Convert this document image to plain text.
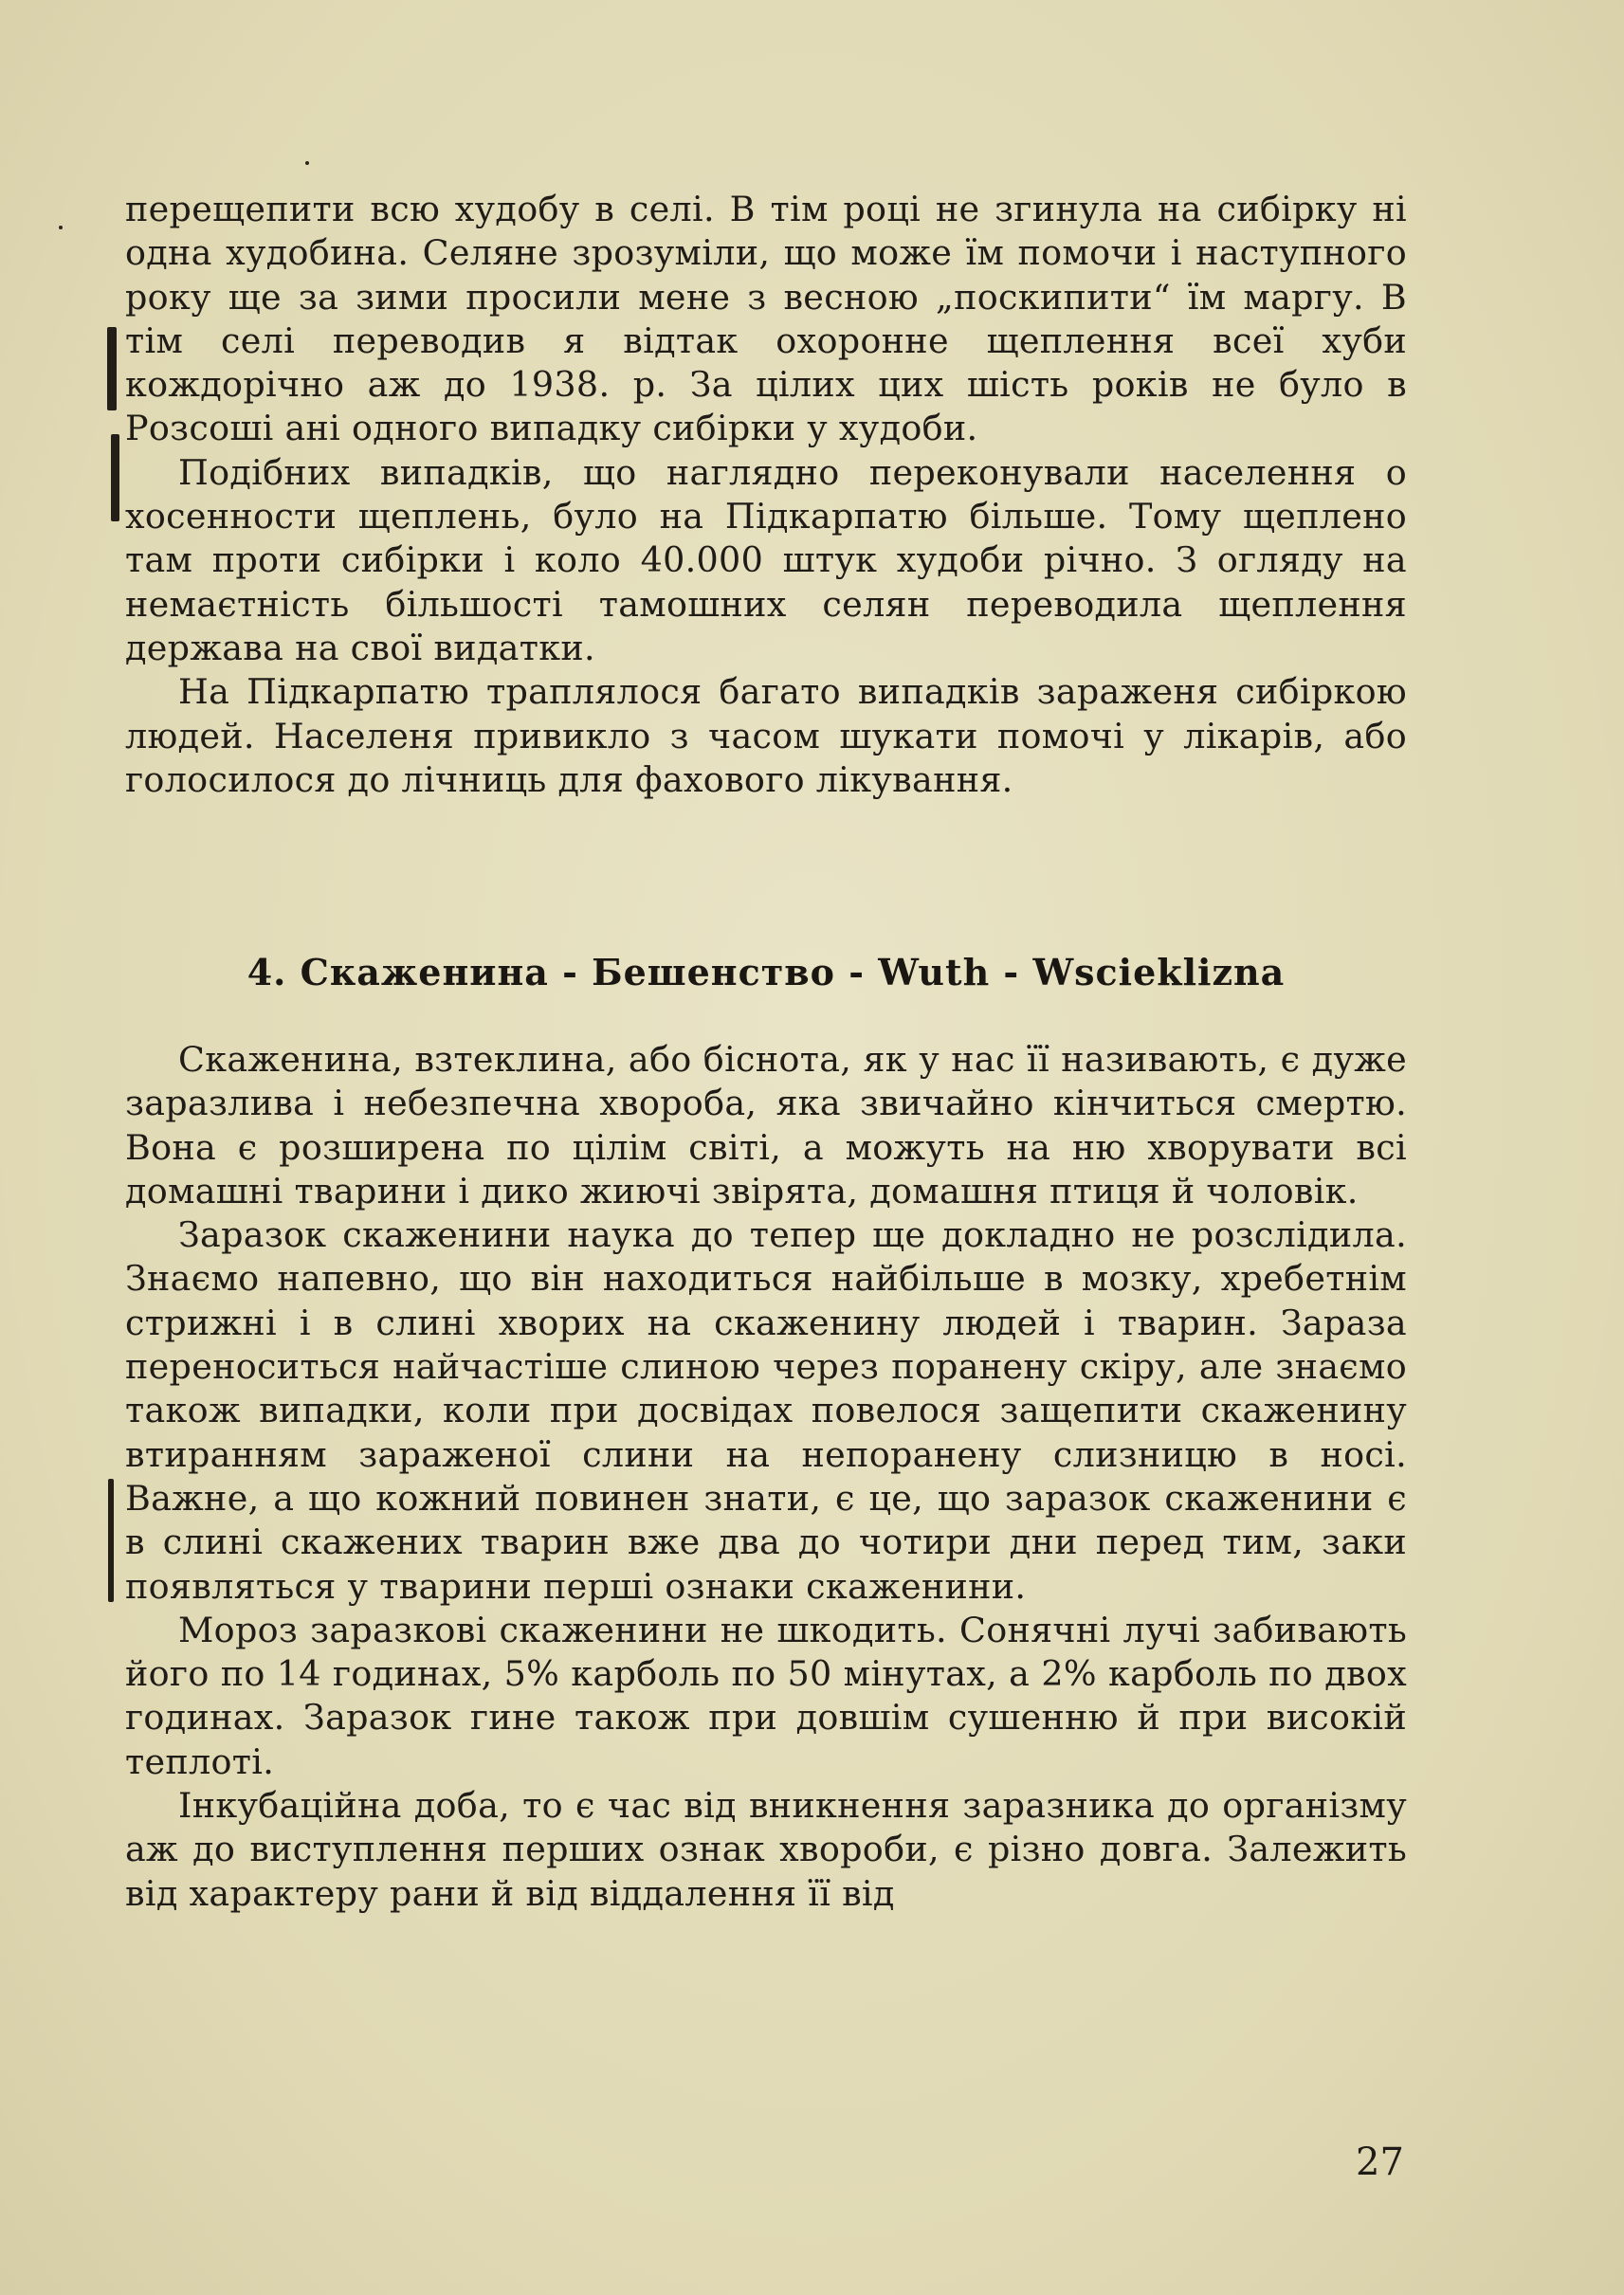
перещепити всю худобу в селі. В тім році не згинула на сибірку ні одна худобина. Селяне зрозуміли, що може їм помочи і наступного року ще за зими просили мене з весною „поскипити“ їм маргу. В тім селі переводив я відтак охоронне щеплення всеї хуби кождорічно аж до 1938. р. За цілих цих шість років не було в Розсоші ані одного випадку сибірки у худоби.

Подібних випадків, що наглядно переконували населення о хосенности щеплень, було на Підкарпатю більше. Тому щеплено там проти сибірки і коло 40.000 штук худоби річно. З огляду на немаєтність більшості тамошних селян переводила щеплення держава на свої видатки.

На Підкарпатю траплялося багато випадків зараженя сибіркою людей. Населеня привикло з часом шукати помочі у лікарів, або голосилося до лічниць для фахового лікування.

4. Скаженина - Бешенство - Wuth - Wscieklizna

Скаженина, взтеклина, або біснота, як у нас її називають, є дуже заразлива і небезпечна хвороба, яка звичайно кінчиться смертю. Вона є розширена по цілім світі, а можуть на ню хворувати всі домашні тварини і дико жиючі звірята, домашня птиця й чоловік.

Заразок скаженини наука до тепер ще докладно не розслідила. Знаємо напевно, що він находиться найбільше в мозку, хребетнім стрижні і в слині хворих на скаженину людей і тварин. Зараза переноситься найчастіше слиною через поранену скіру, але знаємо також випадки, коли при досвідах повелося защепити скаженину втиранням зараженої слини на непоранену слизницю в носі. Важне, а що кожний повинен знати, є це, що заразок скаженини є в слині скажених тварин вже два до чотири дни перед тим, заки появляться у тварини перші ознаки скаженини.

Мороз заразкові скаженини не шкодить. Сонячні лучі забивають його по 14 годинах, 5% карболь по 50 мінутах, а 2% карболь по двох годинах. Заразок гине також при довшім сушенню й при високій теплоті.

Інкубаційна доба, то є час від вникнення заразника до організму аж до виступлення перших ознак хвороби, є різно довга. Залежить від характеру рани й від віддалення її від

27
